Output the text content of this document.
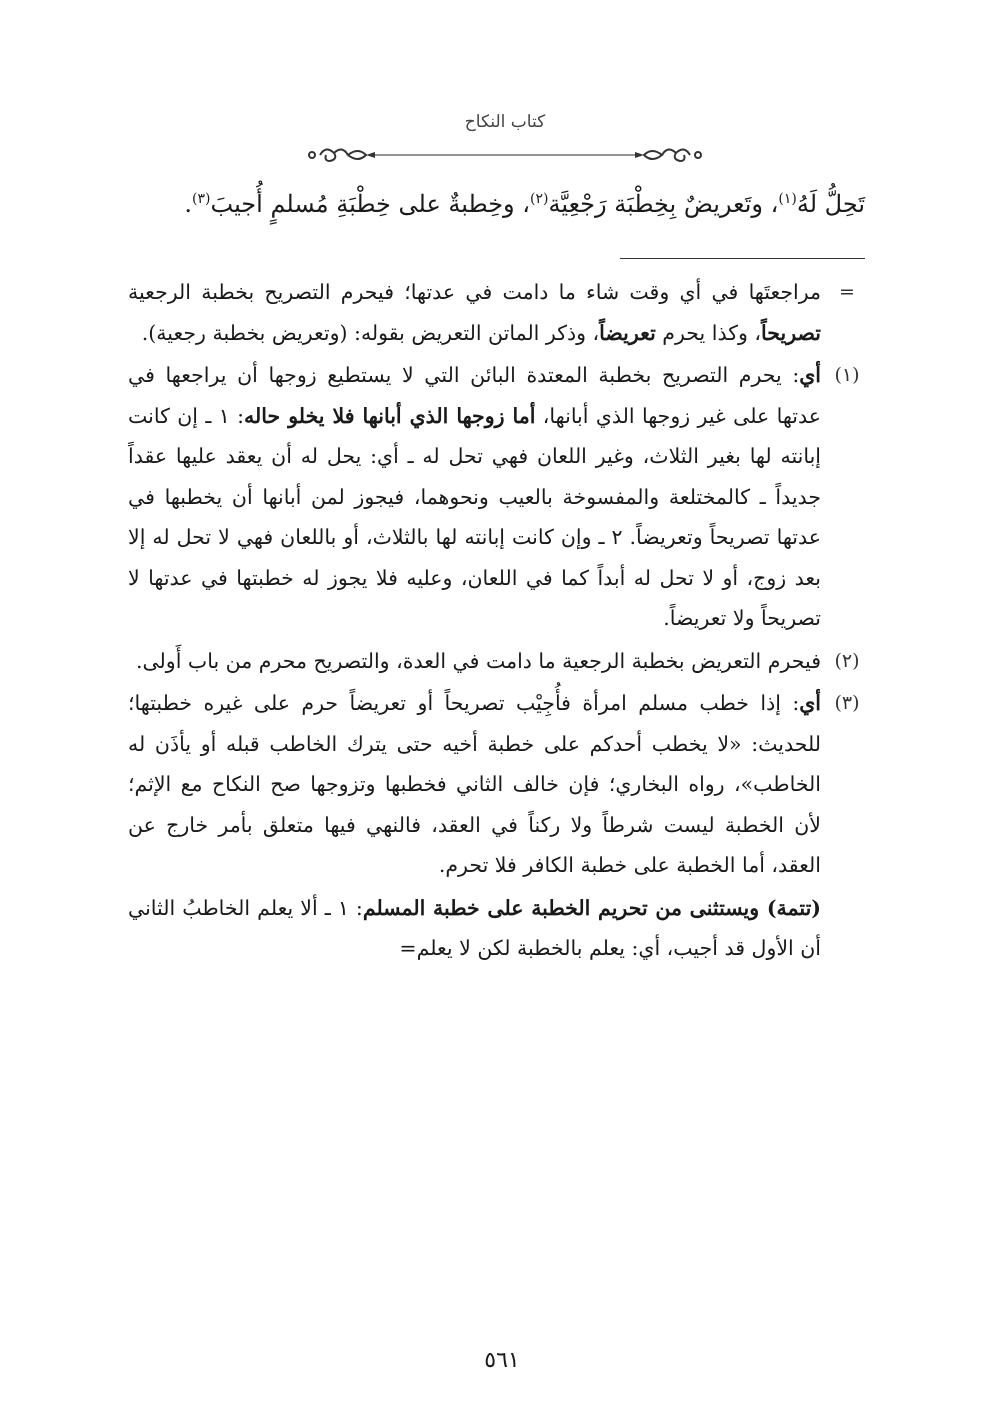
كتاب النكاح
تَحِلُّ لَهُ$^{(١)}$، وتَعريضٌ بِخِطْبَة رَجْعِيَّة$^{(٢)}$، وخِطبةٌ على خِطْبَةِ مُسلمٍ أُجيبَ$^{(٣)}$.
=
مراجعتَها في أي وقت شاء ما دامت في عدتها؛ فيحرم التصريح بخطبة الرجعية تصريحاً، وكذا يحرم تعريضاً، وذكر الماتن التعريض بقوله: (وتعريض بخطبة رجعية).
(١)
أي: يحرم التصريح بخطبة المعتدة البائن التي لا يستطيع زوجها أن يراجعها في عدتها على غير زوجها الذي أبانها، أما زوجها الذي أبانها فلا يخلو حاله: ١ ـ إن كانت إبانته لها بغير الثلاث، وغير اللعان فهي تحل له ـ أي: يحل له أن يعقد عليها عقداً جديداً ـ كالمختلعة والمفسوخة بالعيب ونحوهما، فيجوز لمن أبانها أن يخطبها في عدتها تصريحاً وتعريضاً. ٢ ـ وإن كانت إبانته لها بالثلاث، أو باللعان فهي لا تحل له إلا بعد زوج، أو لا تحل له أبداً كما في اللعان، وعليه فلا يجوز له خطبتها في عدتها لا تصريحاً ولا تعريضاً.
(٢)
فيحرم التعريض بخطبة الرجعية ما دامت في العدة، والتصريح محرم من باب أَولى.
(٣)
أي: إذا خطب مسلم امرأة فأُجِيْب تصريحاً أو تعريضاً حرم على غيره خطبتها؛ للحديث: «لا يخطب أحدكم على خطبة أخيه حتى يترك الخاطب قبله أو يأذَن له الخاطب»، رواه البخاري؛ فإن خالف الثاني فخطبها وتزوجها صح النكاح مع الإثم؛ لأن الخطبة ليست شرطاً ولا ركناً في العقد، فالنهي فيها متعلق بأمر خارج عن العقد، أما الخطبة على خطبة الكافر فلا تحرم.
(تتمة) ويستثنى من تحريم الخطبة على خطبة المسلم: ١ ـ ألا يعلم الخاطبُ الثاني أن الأول قد أجيب، أي: يعلم بالخطبة لكن لا يعلم=
٥٦١
